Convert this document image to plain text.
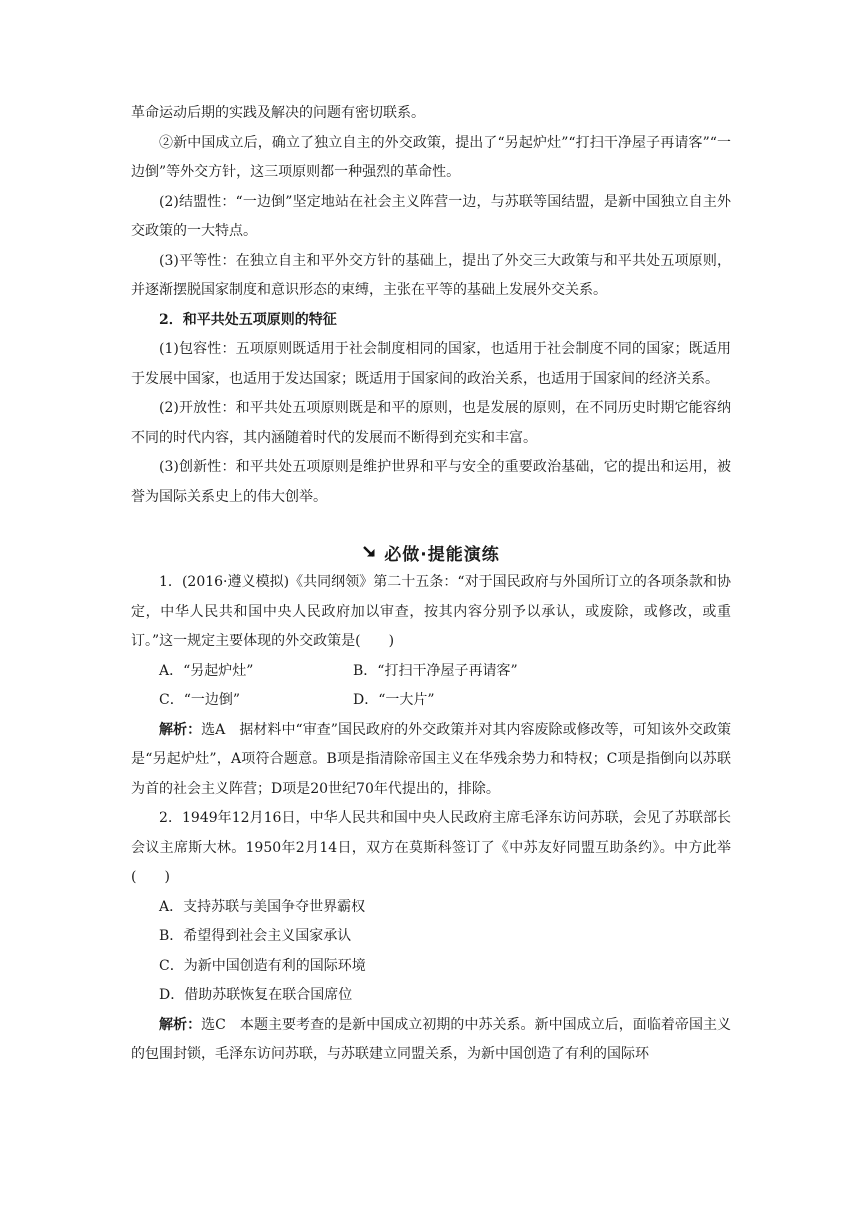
革命运动后期的实践及解决的问题有密切联系。

②新中国成立后，确立了独立自主的外交政策，提出了“另起炉灶”“打扫干净屋子再请客”“一边倒”等外交方针，这三项原则都一种强烈的革命性。

(2)结盟性：“一边倒”坚定地站在社会主义阵营一边，与苏联等国结盟，是新中国独立自主外交政策的一大特点。

(3)平等性：在独立自主和平外交方针的基础上，提出了外交三大政策与和平共处五项原则，并逐渐摆脱国家制度和意识形态的束缚，主张在平等的基础上发展外交关系。

2．和平共处五项原则的特征

(1)包容性：五项原则既适用于社会制度相同的国家，也适用于社会制度不同的国家；既适用于发展中国家，也适用于发达国家；既适用于国家间的政治关系，也适用于国家间的经济关系。

(2)开放性：和平共处五项原则既是和平的原则，也是发展的原则，在不同历史时期它能容纳不同的时代内容，其内涵随着时代的发展而不断得到充实和丰富。

(3)创新性：和平共处五项原则是维护世界和平与安全的重要政治基础，它的提出和运用，被誉为国际关系史上的伟大创举。

必做·提能演练

1．(2016·遵义模拟)《共同纲领》第二十五条：“对于国民政府与外国所订立的各项条款和协定，中华人民共和国中央人民政府加以审查，按其内容分别予以承认，或废除，或修改，或重订。”这一规定主要体现的外交政策是(　　)

A．“另起炉灶”	B．“打扫干净屋子再请客”
C．“一边倒”	D．“一大片”

解析：选A　据材料中“审查”国民政府的外交政策并对其内容废除或修改等，可知该外交政策是“另起炉灶”，A项符合题意。B项是指清除帝国主义在华残余势力和特权；C项是指倒向以苏联为首的社会主义阵营；D项是20世纪70年代提出的，排除。

2．1949年12月16日，中华人民共和国中央人民政府主席毛泽东访问苏联，会见了苏联部长会议主席斯大林。1950年2月14日，双方在莫斯科签订了《中苏友好同盟互助条约》。中方此举(　　)

A．支持苏联与美国争夺世界霸权

B．希望得到社会主义国家承认

C．为新中国创造有利的国际环境

D．借助苏联恢复在联合国席位

解析：选C　本题主要考查的是新中国成立初期的中苏关系。新中国成立后，面临着帝国主义的包围封锁，毛泽东访问苏联，与苏联建立同盟关系，为新中国创造了有利的国际环
